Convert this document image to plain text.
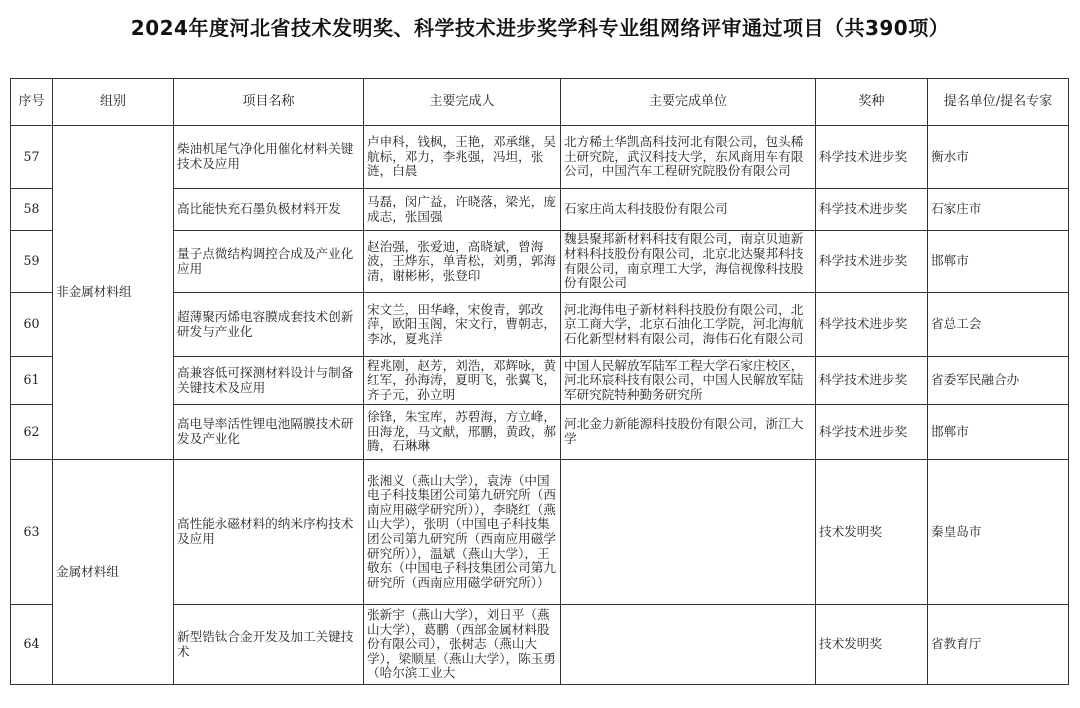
2024年度河北省技术发明奖、科学技术进步奖学科专业组网络评审通过项目（共390项）
序号	组别	项目名称	主要完成人	主要完成单位	奖种	提名单位/提名专家
57	非金属材料组	柴油机尾气净化用催化材料关键技术及应用	卢申科，钱枫，王艳，邓承继，吴航标，邓力，李兆强，冯坦，张涟，白晨	北方稀土华凯高科技河北有限公司，包头稀土研究院，武汉科技大学，东风商用车有限公司，中国汽车工程研究院股份有限公司	科学技术进步奖	衡水市
58		高比能快充石墨负极材料开发	马磊，闵广益，许晓落，梁光，庞成志，张国强	石家庄尚太科技股份有限公司	科学技术进步奖	石家庄市
59		量子点微结构调控合成及产业化应用	赵治强，张爱迪，高晓斌，曾海波，王烨东，单青松，刘勇，郭海清，谢彬彬，张登印	魏县聚邦新材料科技有限公司，南京贝迪新材料科技股份有限公司，北京北达聚邦科技有限公司，南京理工大学，海信视像科技股份有限公司	科学技术进步奖	邯郸市
60		超薄聚丙烯电容膜成套技术创新研发与产业化	宋文兰，田华峰，宋俊青，郭改萍，欧阳玉阁，宋文行，曹朝志，李冰，夏兆洋	河北海伟电子新材料科技股份有限公司，北京工商大学，北京石油化工学院，河北海航石化新型材料有限公司，海伟石化有限公司	科学技术进步奖	省总工会
61		高兼容低可探测材料设计与制备关键技术及应用	程兆刚，赵芳，刘浩，邓辉咏，黄红军，孙海涛，夏明飞，张翼飞，齐子元，孙立明	中国人民解放军陆军工程大学石家庄校区，河北环宸科技有限公司，中国人民解放军陆军研究院特种勤务研究所	科学技术进步奖	省委军民融合办
62		高电导率活性锂电池隔膜技术研发及产业化	徐锋，朱宝库，苏碧海，方立峰，田海龙，马文献，邢鹏，黄政，郝腾，石琳琳	河北金力新能源科技股份有限公司，浙江大学	科学技术进步奖	邯郸市
63	金属材料组	高性能永磁材料的纳米序构技术及应用	张湘义（燕山大学），袁涛（中国电子科技集团公司第九研究所（西南应用磁学研究所）），李晓红（燕山大学），张明（中国电子科技集团公司第九研究所（西南应用磁学研究所）），温斌（燕山大学），王敬东（中国电子科技集团公司第九研究所（西南应用磁学研究所））		技术发明奖	秦皇岛市
64		新型锆钛合金开发及加工关键技术	张新宇（燕山大学），刘日平（燕山大学），葛鹏（西部金属材料股份有限公司），张树志（燕山大学），梁顺星（燕山大学），陈玉勇（哈尔滨工业大		技术发明奖	省教育厅
